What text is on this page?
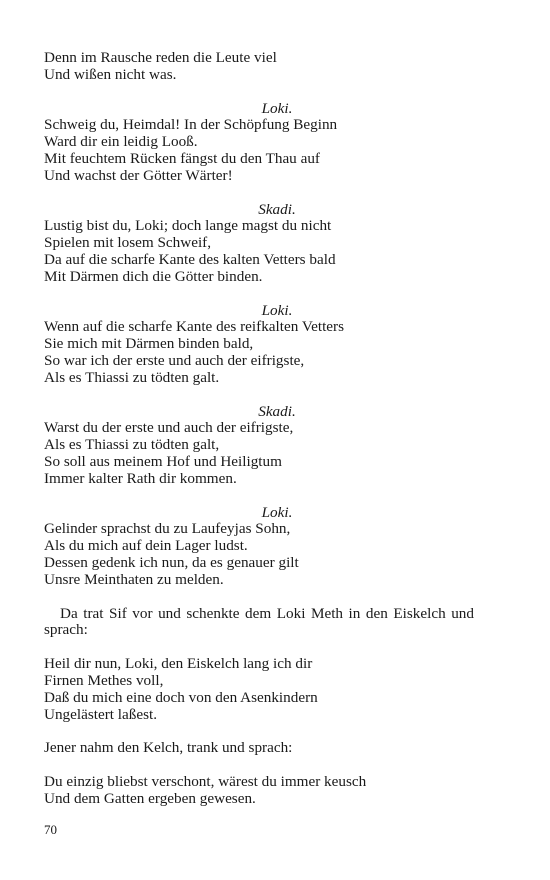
Denn im Rausche reden die Leute viel
Und wißen nicht was.
Loki.
Schweig du, Heimdal! In der Schöpfung Beginn
Ward dir ein leidig Looß.
Mit feuchtem Rücken fängst du den Thau auf
Und wachst der Götter Wärter!
Skadi.
Lustig bist du, Loki; doch lange magst du nicht
Spielen mit losem Schweif,
Da auf die scharfe Kante des kalten Vetters bald
Mit Därmen dich die Götter binden.
Loki.
Wenn auf die scharfe Kante des reifkalten Vetters
Sie mich mit Därmen binden bald,
So war ich der erste und auch der eifrigste,
Als es Thiassi zu tödten galt.
Skadi.
Warst du der erste und auch der eifrigste,
Als es Thiassi zu tödten galt,
So soll aus meinem Hof und Heiligtum
Immer kalter Rath dir kommen.
Loki.
Gelinder sprachst du zu Laufeyjas Sohn,
Als du mich auf dein Lager ludst.
Dessen gedenk ich nun, da es genauer gilt
Unsre Meinthaten zu melden.
Da trat Sif vor und schenkte dem Loki Meth in den Eiskelch und sprach:
Heil dir nun, Loki, den Eiskelch lang ich dir
Firnen Methes voll,
Daß du mich eine doch von den Asenkindern
Ungelästert laßest.
Jener nahm den Kelch, trank und sprach:
Du einzig bliebst verschont, wärest du immer keusch
Und dem Gatten ergeben gewesen.
70
